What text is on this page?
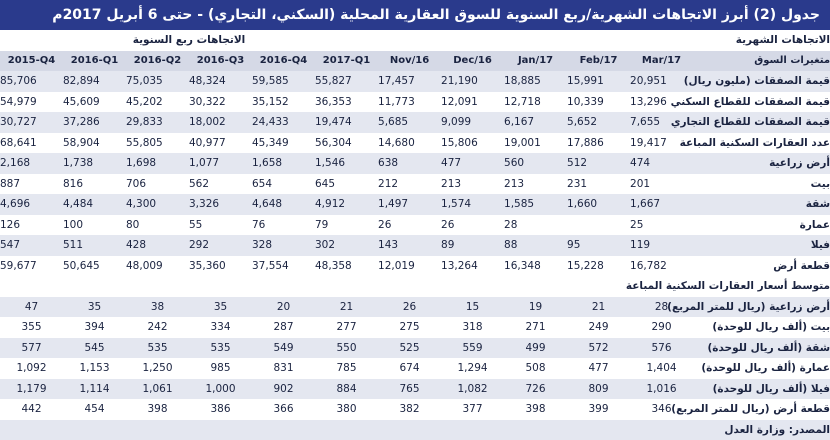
جدول (2) أبرز الاتجاهات الشهرية/ربع السنوية للسوق العقارية المحلية (السكني، التجاري) - حتى 6 أبريل 2017م
الاتجاهات ربع السنوية											الاتجاهات الشهرية
2015-Q4	2016-Q1	2016-Q2	2016-Q3	2016-Q4	2017-Q1	Nov/16	Dec/16	Jan/17	Feb/17	Mar/17	متغيرات السوق
85,706	82,894	75,035	48,324	59,585	55,827	17,457	21,190	18,885	15,991	20,951	قيمة الصفقات (مليون ريال)
54,979	45,609	45,202	30,322	35,152	36,353	11,773	12,091	12,718	10,339	13,296	قيمة الصفقات للقطاع السكني
30,727	37,286	29,833	18,002	24,433	19,474	5,685	9,099	6,167	5,652	7,655	قيمة الصفقات للقطاع التجاري
68,641	58,904	55,805	40,977	45,349	56,304	14,680	15,806	19,001	17,886	19,417	عدد العقارات السكنية المباعة
2,168	1,738	1,698	1,077	1,658	1,546	638	477	560	512	474	أرض زراعية
887	816	706	562	654	645	212	213	213	231	201	بيت
4,696	4,484	4,300	3,326	4,648	4,912	1,497	1,574	1,585	1,660	1,667	شقة
126	100	80	55	76	79	26	26	28		25	عمارة
547	511	428	292	328	302	143	89	88	95	119	فيلا
59,677	50,645	48,009	35,360	37,554	48,358	12,019	13,264	16,348	15,228	16,782	قطعة أرض
								متوسط أسعار العقارات السكنية المباعة			
47	35	38	35	20	21	26	15	19	21	28	أرض زراعية (ريال للمتر المربع)
355	394	242	334	287	277	275	318	271	249	290	بيت (ألف ريال للوحدة)
577	545	535	535	549	550	525	559	499	572	576	شقة (ألف ريال للوحدة)
1,092	1,153	1,250	985	831	785	674	1,294	508	477	1,404	عمارة (ألف ريال للوحدة)
1,179	1,114	1,061	1,000	902	884	765	1,082	726	809	1,016	فيلا (ألف ريال للوحدة)
442	454	398	386	366	380	382	377	398	399	346	قطعة أرض (ريال للمتر المربع)
المصدر: وزارة العدل											
